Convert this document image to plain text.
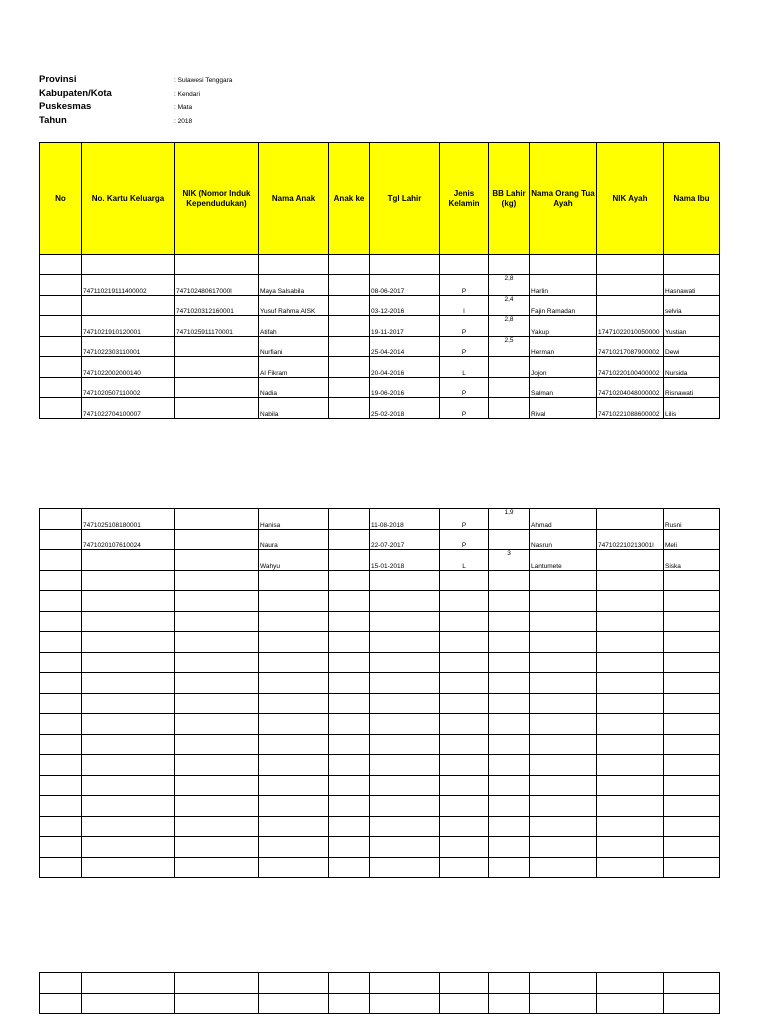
Provinsi	: Sulawesi Tenggara
Kabupaten/Kota	: Kendari
Puskesmas	: Mata
Tahun	: 2018
No	No. Kartu Keluarga	NIK (Nomor Induk Kependudukan)	Nama Anak	Anak ke	Tgl Lahir	Jenis Kelamin	BB Lahir (kg)	Nama Orang Tua Ayah	NIK Ayah	Nama Ibu

	747110219111400002	747102480617000l	Maya Salsabila		08-06-2017	P	2,8	Harlin		Hasnawati
		7471020312160001	Yusuf Rahma AISK		03-12-2016	l	2,4	Fajin Ramadan		selvia
	7471021910120001	7471025911170001	Atifah		19-11-2017	P	2,8	Yakup	17471022010050000	Yustian
	7471022303110001		Nurfiani		25-04-2014	P	2,5	Herman	74710217087900002	Dewi
	7471022002000140		Al Fikram		20-04-2016	L		Jojon	74710220100400002	Nursida
	7471020507110002		Nadia		19-06-2016	P		Salman	74710204048000002	Risnawati
	7471022704100007		Nabila		25-02-2018	P		Rival	74710221088600002	Lilis
	7471025108180001		Hanisa		11-08-2018	P	1,9	Ahmad		Rusni
	7471020107610024		Naura		22-07-2017	P		Nasrun	747102210213001l	Meli
			Wahyu		15-01-2018	L	3	Lantumete		Siska
